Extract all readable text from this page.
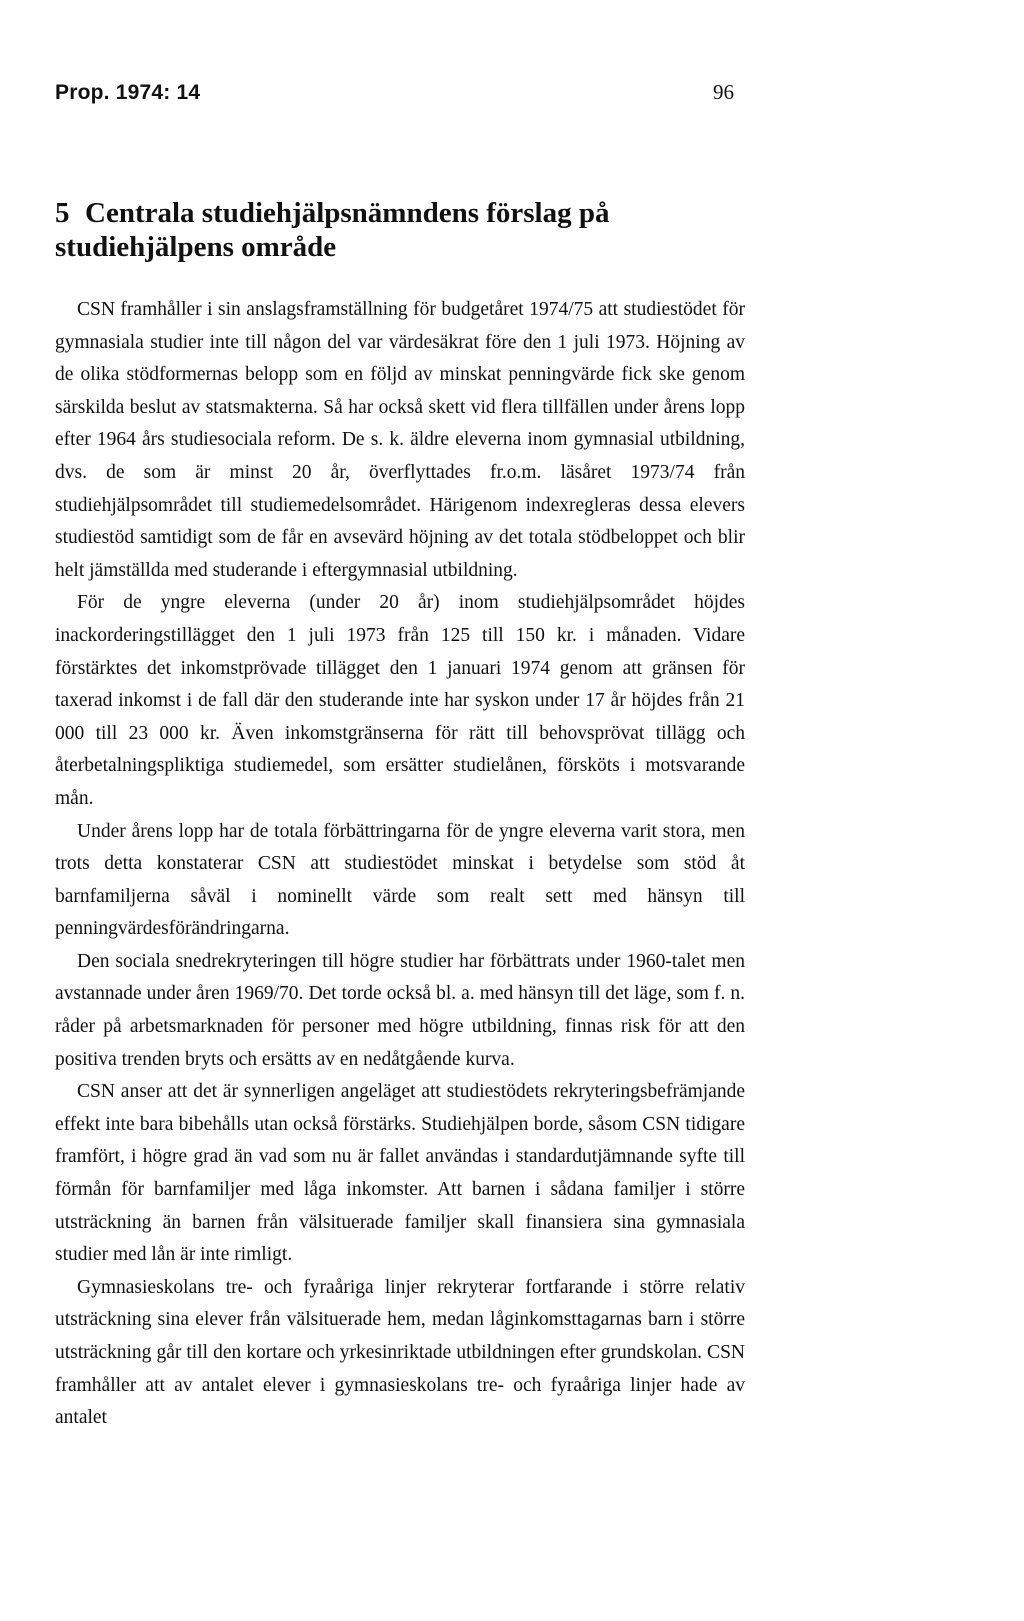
Prop. 1974: 14	96
5 Centrala studiehjälpsnämndens förslag på studiehjälpens område

CSN framhåller i sin anslagsframställning för budgetåret 1974/75 att studiestödet för gymnasiala studier inte till någon del var värdesäkrat före den 1 juli 1973. Höjning av de olika stödformernas belopp som en följd av minskat penningvärde fick ske genom särskilda beslut av statsmakterna. Så har också skett vid flera tillfällen under årens lopp efter 1964 års studiesociala reform. De s. k. äldre eleverna inom gymnasial utbildning, dvs. de som är minst 20 år, överflyttades fr.o.m. läsåret 1973/74 från studiehjälpsområdet till studiemedelsområdet. Härigenom indexregleras dessa elevers studiestöd samtidigt som de får en avsevärd höjning av det totala stödbeloppet och blir helt jämställda med studerande i eftergymnasial utbildning.

För de yngre eleverna (under 20 år) inom studiehjälpsområdet höjdes inackorderingstillägget den 1 juli 1973 från 125 till 150 kr. i månaden. Vidare förstärktes det inkomstprövade tillägget den 1 januari 1974 genom att gränsen för taxerad inkomst i de fall där den studerande inte har syskon under 17 år höjdes från 21 000 till 23 000 kr. Även inkomstgränserna för rätt till behovsprövat tillägg och återbetalningspliktiga studiemedel, som ersätter studielånen, försköts i motsvarande mån.

Under årens lopp har de totala förbättringarna för de yngre eleverna varit stora, men trots detta konstaterar CSN att studiestödet minskat i betydelse som stöd åt barnfamiljerna såväl i nominellt värde som realt sett med hänsyn till penningvärdesförändringarna.

Den sociala snedrekryteringen till högre studier har förbättrats under 1960-talet men avstannade under åren 1969/70. Det torde också bl. a. med hänsyn till det läge, som f. n. råder på arbetsmarknaden för personer med högre utbildning, finnas risk för att den positiva trenden bryts och ersätts av en nedåtgående kurva.

CSN anser att det är synnerligen angeläget att studiestödets rekryteringsbefrämjande effekt inte bara bibehålls utan också förstärks. Studiehjälpen borde, såsom CSN tidigare framfört, i högre grad än vad som nu är fallet användas i standardutjämnande syfte till förmån för barnfamiljer med låga inkomster. Att barnen i sådana familjer i större utsträckning än barnen från välsituerade familjer skall finansiera sina gymnasiala studier med lån är inte rimligt.

Gymnasieskolans tre- och fyraåriga linjer rekryterar fortfarande i större relativ utsträckning sina elever från välsituerade hem, medan låginkomsttagarnas barn i större utsträckning går till den kortare och yrkesinriktade utbildningen efter grundskolan. CSN framhåller att av antalet elever i gymnasieskolans tre- och fyraåriga linjer hade av antalet
